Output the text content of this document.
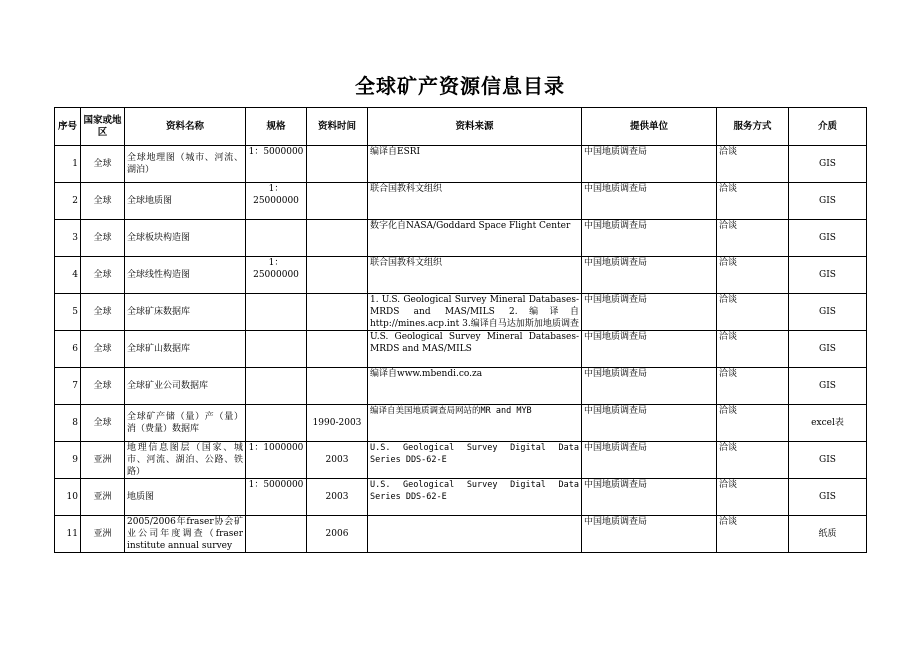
全球矿产资源信息目录
序号	国家或地区	资料名称	规格	资料时间	资料来源	提供单位	服务方式	介质

1	全球	全球地理图（城市、河流、湖泊）	1：5000000		编译自ESRI	中国地质调查局	洽谈	GIS

2	全球	全球地质图	1：25000000		联合国教科文组织	中国地质调查局	洽谈	GIS

3	全球	全球板块构造图			数字化自NASA/Goddard Space Flight Center	中国地质调查局	洽谈	GIS

4	全球	全球线性构造图	1：25000000		联合国教科文组织	中国地质调查局	洽谈	GIS

5	全球	全球矿床数据库			1. U.S. Geological Survey Mineral Databases-MRDS and MAS/MILS 2.编译自http://mines.acp.int 3.编译自马达加斯加地质调查	中国地质调查局	洽谈	GIS

6	全球	全球矿山数据库			U.S. Geological Survey Mineral Databases-MRDS and MAS/MILS	中国地质调查局	洽谈	GIS

7	全球	全球矿业公司数据库			编译自www.mbendi.co.za	中国地质调查局	洽谈	GIS

8	全球	全球矿产储（量）产（量）消（费量）数据库		1990-2003	编译自美国地质调查局网站的MR and MYB	中国地质调查局	洽谈	excel表

9	亚洲	地理信息图层（国家、城市、河流、湖泊、公路、铁路）	1：1000000	2003	U.S. Geological Survey Digital Data Series DDS-62-E	中国地质调查局	洽谈	GIS

10	亚洲	地质图	1：5000000	2003	U.S. Geological Survey Digital Data Series DDS-62-E	中国地质调查局	洽谈	GIS

11	亚洲	2005/2006年fraser协会矿业公司年度调查（fraser institute annual survey		2006		中国地质调查局	洽谈	纸质
